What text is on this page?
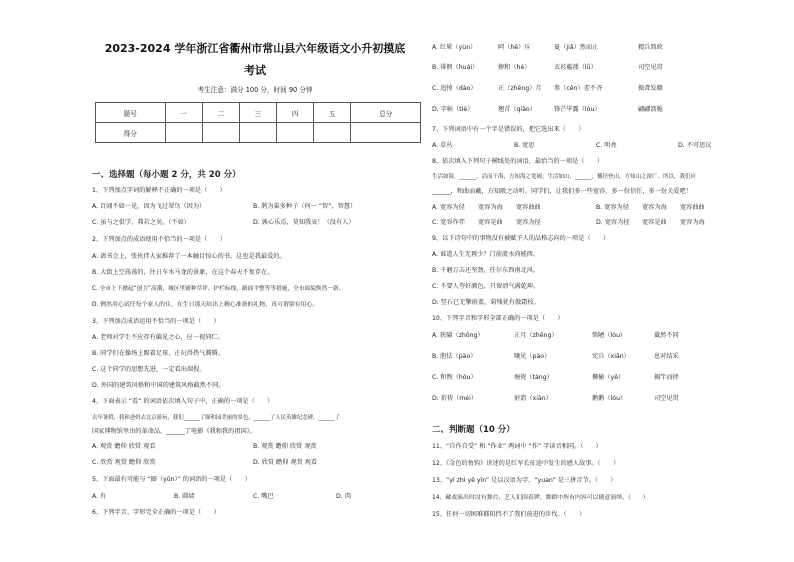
2023-2024 学年浙江省衢州市常山县六年级语文小升初摸底
考试
考生注意：满分 100 分，时间 90 分钟
题号	一	二	三	四	五	总分
得分						
一、选择题（每小题 2 分，共 20 分）
1、下列加点字词的解释不正确的一项是（　　）
A. 百闻不如一见，因为飞过翠鸟（因为）	B. 鹊为巢多种子（何一 “智”，智慧）
C. 虽与之俱学，弗若之矣。（不如）	D. 孰心乐焉，莫知我哀！（没有人）
2、下列加点的成语使用不恰当的一项是（　　）
A. 请书会上，张伙伴大家推荐了一本触目惊心的书，这也是我最爱的。
B. 大街上空荡荡的，往日车水马龙的景象，在这个春天不复存在。
C. 全市上下掀起“创卫”高潮，城区里铺种草坪、护栏标线，路面平整等等措施，全市面貌焕然一新。
D. 例然用心试任每个家人的住，在生日那天给出上精心准备的礼物，真可谓别有用心。
3、下列加点成语运用不恰当的一项是（　　）
A. 老师对学生不应存有偏见之心，应一视同仁。
B. 同学们在操场上踢着足球，正玩得热气腾腾。
C. 这个同学的思想先进，一定看出端倪。
D. 外国的建筑风格和中国的建筑风格截然不同。
4、下面表示 “看” 的词语依次填入句子中，正确的一项是（　　）
去年暑假，我和爸妈去北京游玩，我们______了颐和园美丽的景色，______了人民英雄纪念碑，______了
国家博物馆里出的革命品，______了电影《我和我的祖国》。
A. 观赏 瞻仰 欣赏 观看	B. 观赏 瞻仰 欣赏 观赏
C. 欣赏 观赏 瞻仰 欣赏	D. 欣赏 瞻仰 观赏 观看
5、下面最有可能与 “圈（yǔn）” 的词语的一项是（　　）
A. 有	B. 圆墙	C. 嘴巴	D. 肉
6、下列字音、字形完全正确的一项是（　　）
A. 红晕（yùn）	呵（hē）斥	夏（jiǎ）然而止	精兵简政
B. 徘徊（huái）	掺和（hé）	衣衫褴褛（lǚ）	司空见贯
C. 追悼（dào）	正（zhēng）月 参（cēn）差不齐	振聋发聩
D. 字帖（tiè）	翘首（qiào）	锋芒毕露（lòu）	翩翩箭脆
7、下列词语中有一个字是错误的，把它选出来（　　）
A. 草丛	B. 宽思	C. 明亮	D. 不可思议
8、依次填入下列句子横线处的词语，最恰当的一项是（　　）
生活如海，______，活而千海，方知海之宽阔；生活如山，______，播径登山，方知山之深广。所以，我们应
______，和曲而戴，方知般之动听。同学们，让我们多一些宽容，多一份信任，多一份关爱吧！
A. 宽容为径 宽容为海 宽容曲曲	B. 宽容为径 宽容为海 宽容曲曲
C. 宽容作伴 宽容是曲 宽容为径	D. 宽容为径 宽容是曲 宽容为海
9、以下诗句中的事物没有被赋予人的品格志向的一项是（　　）
A. 谁道人生无再少？门前流水尚能西。
B. 千磨万击还坚劲，任尔东西南北风。
C. 不要人夸好颜色，只留清气满乾坤。
D. 竖石已无擎雨盖，菊残犹有傲霜枝。
10、下列字音和字形全部正确的一项是（　　）
A. 狭隘（zhōng）	正月（zhēng）	简陋（lòu）	截然不同
B. 胆怯（pào）	嚷见（pào）	宪兵（xiān）	息对结采
C. 和煦（hòu）	塘瓷（táng）	揶揄（yē）	揭竿而拯
D. 祈祷（méi）	射箭（xiān）	鹅鹅（lóu）	司空见贯
二、判断题（10 分）
11、“自作自受” 和 “作业” 两词中 “作” 字读音相同。（　　）
12、《金色的鱼钩》讲述的是红军长征途中发生的感人故事。（　　）
13、“yí zhì yē yīn” 是以汉语为字，“yuan” 是三拼音节。（　　）
14、藏戏演出时没有舞台，艺人们围着锣、舞蹈中所有内容可以随意演绎。（　　）
15、任何一切困难都阻挡不了我们前进的步伐。（　　）
